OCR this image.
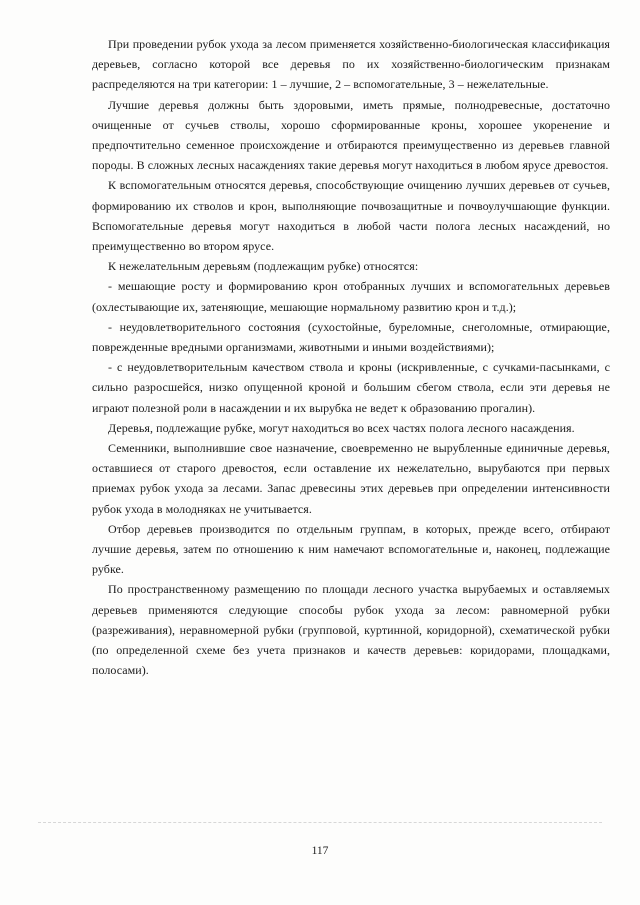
При проведении рубок ухода за лесом применяется хозяйственно-биологическая классификация деревьев, согласно которой все деревья по их хозяйственно-биологическим признакам распределяются на три категории: 1 – лучшие, 2 – вспомогательные, 3 – нежелательные.

Лучшие деревья должны быть здоровыми, иметь прямые, полнодревесные, достаточно очищенные от сучьев стволы, хорошо сформированные кроны, хорошее укоренение и предпочтительно семенное происхождение и отбираются преимущественно из деревьев главной породы. В сложных лесных насаждениях такие деревья могут находиться в любом ярусе древостоя.

К вспомогательным относятся деревья, способствующие очищению лучших деревьев от сучьев, формированию их стволов и крон, выполняющие почвозащитные и почвоулучшающие функции. Вспомогательные деревья могут находиться в любой части полога лесных насаждений, но преимущественно во втором ярусе.

К нежелательным деревьям (подлежащим рубке) относятся:

- мешающие росту и формированию крон отобранных лучших и вспомогательных деревьев (охлестывающие их, затеняющие, мешающие нормальному развитию крон и т.д.);

- неудовлетворительного состояния (сухостойные, буреломные, снеголомные, отмирающие, поврежденные вредными организмами, животными и иными воздействиями);

- с неудовлетворительным качеством ствола и кроны (искривленные, с сучками-пасынками, с сильно разросшейся, низко опущенной кроной и большим сбегом ствола, если эти деревья не играют полезной роли в насаждении и их вырубка не ведет к образованию прогалин).

Деревья, подлежащие рубке, могут находиться во всех частях полога лесного насаждения.

Семенники, выполнившие свое назначение, своевременно не вырубленные единичные деревья, оставшиеся от старого древостоя, если оставление их нежелательно, вырубаются при первых приемах рубок ухода за лесами. Запас древесины этих деревьев при определении интенсивности рубок ухода в молодняках не учитывается.

Отбор деревьев производится по отдельным группам, в которых, прежде всего, отбирают лучшие деревья, затем по отношению к ним намечают вспомогательные и, наконец, подлежащие рубке.

По пространственному размещению по площади лесного участка вырубаемых и оставляемых деревьев применяются следующие способы рубок ухода за лесом: равномерной рубки (разреживания), неравномерной рубки (групповой, куртинной, коридорной), схематической рубки (по определенной схеме без учета признаков и качеств деревьев: коридорами, площадками, полосами).

117
